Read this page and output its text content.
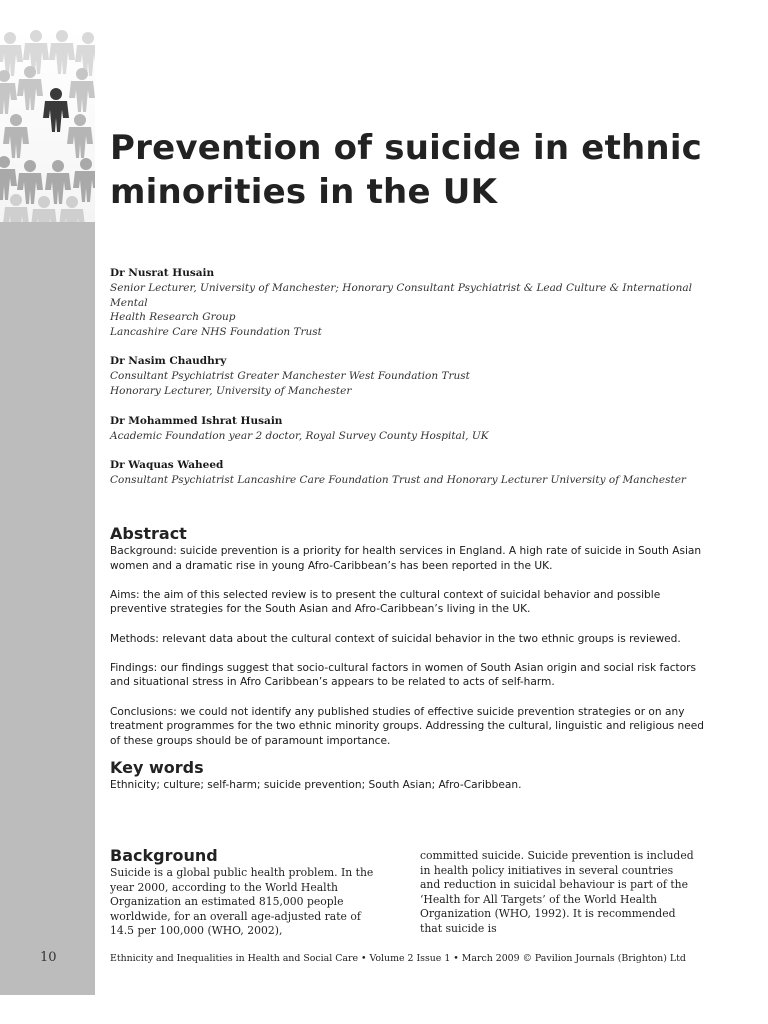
Prevention of suicide in ethnic minorities in the UK
Dr Nusrat Husain
Senior Lecturer, University of Manchester; Honorary Consultant Psychiatrist & Lead Culture & International Mental
Health Research Group
Lancashire Care NHS Foundation Trust
Dr Nasim Chaudhry
Consultant Psychiatrist Greater Manchester West Foundation Trust
Honorary Lecturer, University of Manchester
Dr Mohammed Ishrat Husain
Academic Foundation year 2 doctor, Royal Survey County Hospital, UK
Dr Waquas Waheed
Consultant Psychiatrist Lancashire Care Foundation Trust and Honorary Lecturer University of Manchester
Abstract

Background: suicide prevention is a priority for health services in England. A high rate of suicide in South Asian women and a dramatic rise in young Afro-Caribbean’s has been reported in the UK.

Aims: the aim of this selected review is to present the cultural context of suicidal behavior and possible preventive strategies for the South Asian and Afro-Caribbean’s living in the UK.

Methods: relevant data about the cultural context of suicidal behavior in the two ethnic groups is reviewed.

Findings: our findings suggest that socio-cultural factors in women of South Asian origin and social risk factors and situational stress in Afro Caribbean’s appears to be related to acts of self-harm.

Conclusions: we could not identify any published studies of effective suicide prevention strategies or on any treatment programmes for the two ethnic minority groups. Addressing the cultural, linguistic and religious need of these groups should be of paramount importance.

Key words

Ethnicity; culture; self-harm; suicide prevention; South Asian; Afro-Caribbean.

Background

Suicide is a global public health problem. In the year 2000, according to the World Health Organization an estimated 815,000 people worldwide, for an overall age-adjusted rate of 14.5 per 100,000 (WHO, 2002),

committed suicide. Suicide prevention is included in health policy initiatives in several countries and reduction in suicidal behaviour is part of the ‘Health for All Targets’ of the World Health Organization (WHO, 1992). It is recommended that suicide is

10	Ethnicity and Inequalities in Health and Social Care • Volume 2 Issue 1 • March 2009 © Pavilion Journals (Brighton) Ltd
